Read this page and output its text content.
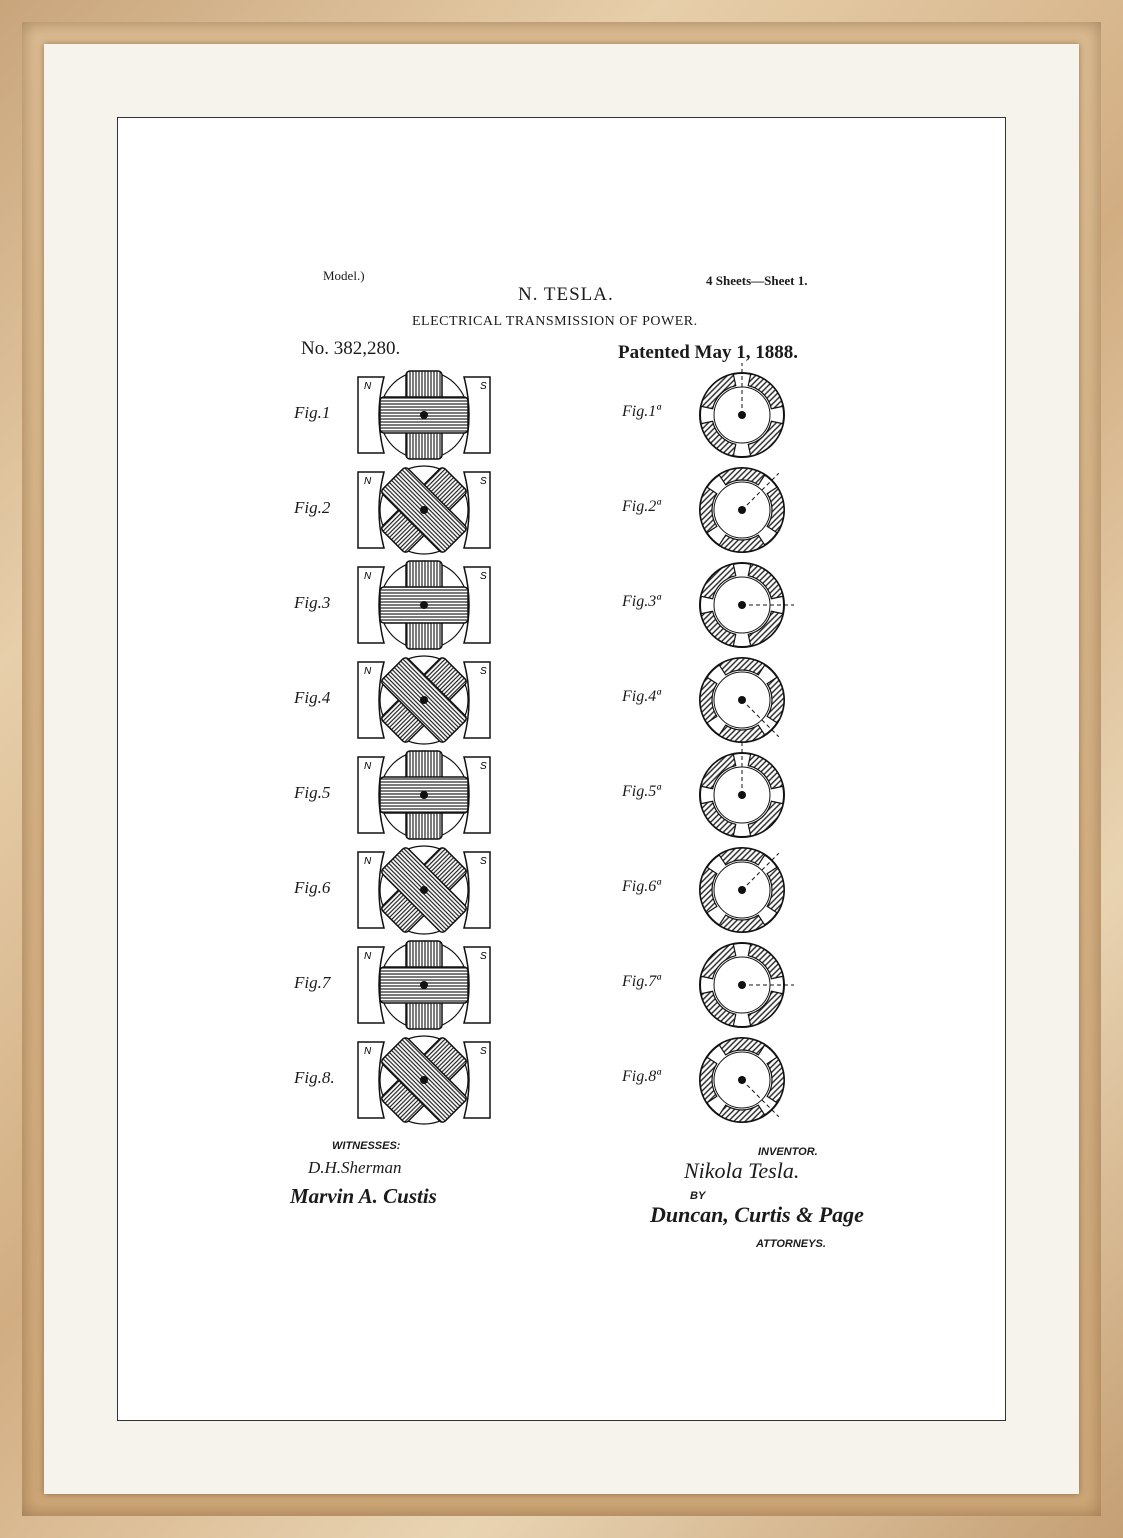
N	S
N	S
N	S
N	S
N	S
N	S
N	S
N	S
Model.)	4 Sheets—Sheet 1.
N. TESLA.
ELECTRICAL TRANSMISSION OF POWER.
No. 382,280.	Patented May 1, 1888.
Fig.1	Fig.1ª
Fig.2	Fig.2ª
Fig.3	Fig.3ª
Fig.4	Fig.4ª
Fig.5	Fig.5ª
Fig.6	Fig.6ª
Fig.7	Fig.7ª
Fig.8.	Fig.8ª
WITNESSES:
D.H.Sherman
Marvin A. Custis
INVENTOR.
Nikola Tesla.
BY
Duncan, Curtis & Page
ATTORNEYS.
